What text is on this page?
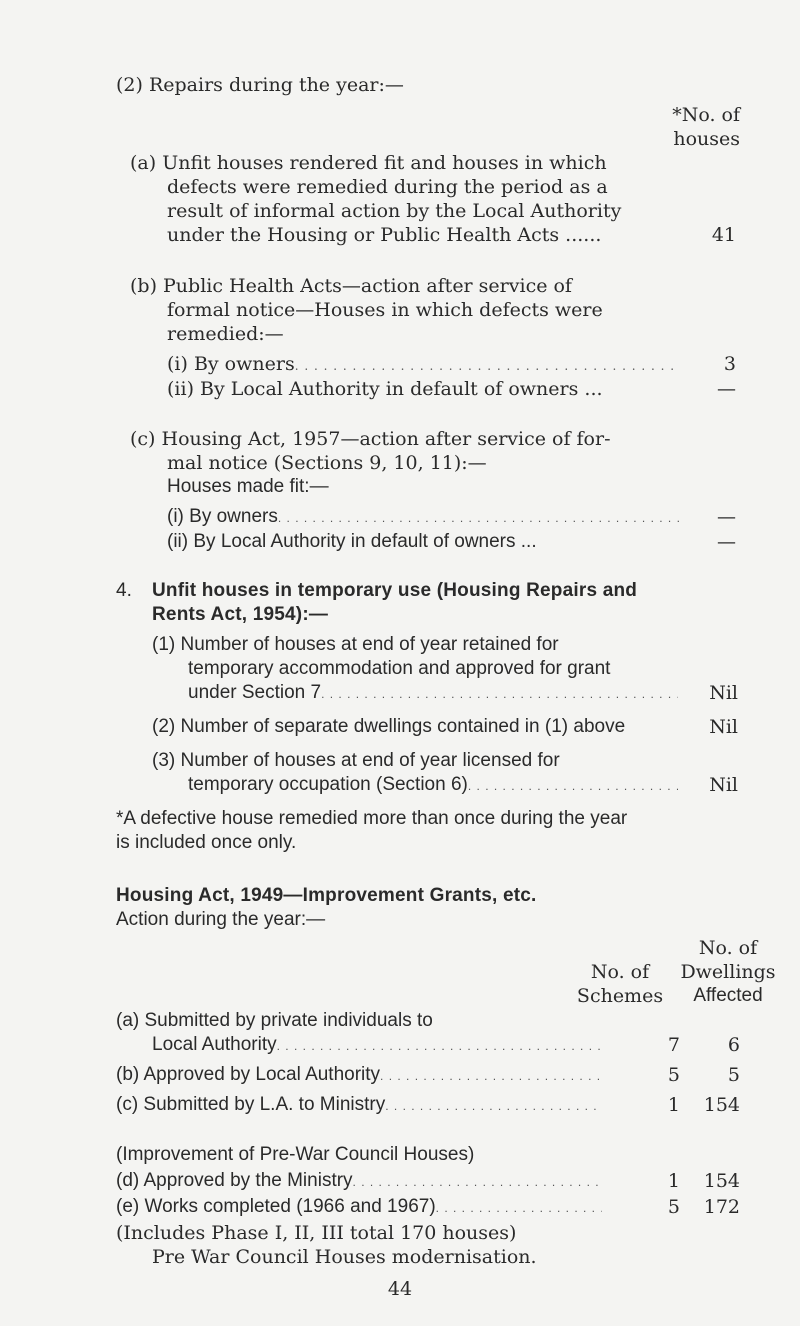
(2) Repairs during the year:—
*No. of
houses
(a) Unfit houses rendered fit and houses in which
defects were remedied during the period as a
result of informal action by the Local Authority
under the Housing or Public Health Acts ......	41
(b) Public Health Acts—action after service of
formal notice—Houses in which defects were
remedied:—
(i) By owners . . .	3
(ii) By Local Authority in default of owners ...	—
(c) Housing Act, 1957—action after service of for-
mal notice (Sections 9, 10, 11):—
Houses made fit:—
(i) By owners . . .	—
(ii) By Local Authority in default of owners ...	—
4. Unfit houses in temporary use (Housing Repairs and
Rents Act, 1954):—
(1) Number of houses at end of year retained for
temporary accommodation and approved for grant
under Section 7 . . .	Nil
(2) Number of separate dwellings contained in (1) above	Nil
(3) Number of houses at end of year licensed for
temporary occupation (Section 6) . . .	Nil
*A defective house remedied more than once during the year
is included once only.
Housing Act, 1949—Improvement Grants, etc.
Action during the year:—
No. of
Schemes
No. of
Dwellings
Affected
(a) Submitted by private individuals to
Local Authority . . .	7	6
(b) Approved by Local Authority . . .	5	5
(c) Submitted by L.A. to Ministry . . .	1	154
(Improvement of Pre-War Council Houses)
(d) Approved by the Ministry . . .	1	154
(e) Works completed (1966 and 1967) . . .	5	172
(Includes Phase I, II, III total 170 houses)
Pre War Council Houses modernisation.
44
